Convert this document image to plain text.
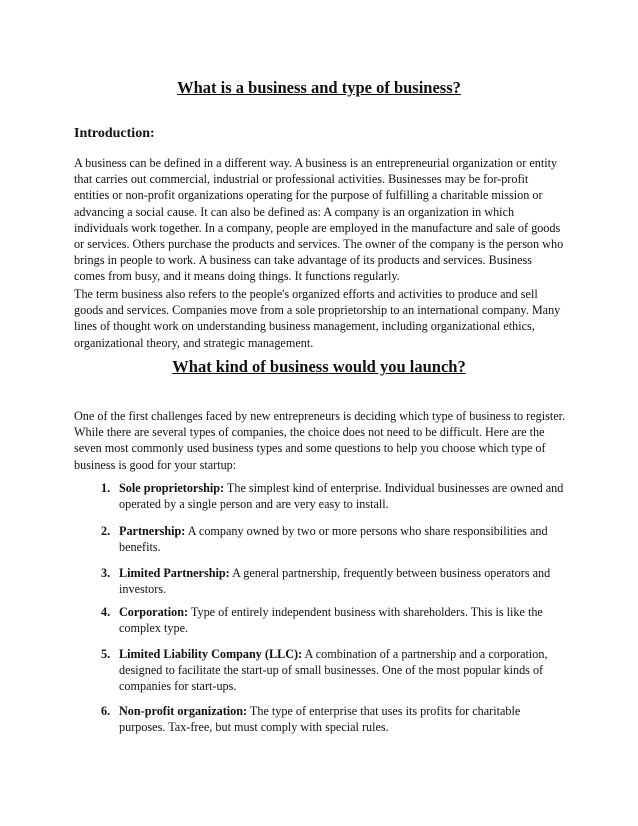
What is a business and type of business?
Introduction:

A business can be defined in a different way. A business is an entrepreneurial organization or entity that carries out commercial, industrial or professional activities. Businesses may be for-profit entities or non-profit organizations operating for the purpose of fulfilling a charitable mission or advancing a social cause. It can also be defined as: A company is an organization in which individuals work together. In a company, people are employed in the manufacture and sale of goods or services. Others purchase the products and services. The owner of the company is the person who brings in people to work. A business can take advantage of its products and services. Business comes from busy, and it means doing things. It functions regularly.

The term business also refers to the people's organized efforts and activities to produce and sell goods and services. Companies move from a sole proprietorship to an international company. Many lines of thought work on understanding business management, including organizational ethics, organizational theory, and strategic management.

What kind of business would you launch?

One of the first challenges faced by new entrepreneurs is deciding which type of business to register. While there are several types of companies, the choice does not need to be difficult. Here are the seven most commonly used business types and some questions to help you choose which type of business is good for your startup:

1. Sole proprietorship: The simplest kind of enterprise. Individual businesses are owned and operated by a single person and are very easy to install.
2. Partnership: A company owned by two or more persons who share responsibilities and benefits.
3. Limited Partnership: A general partnership, frequently between business operators and investors.
4. Corporation: Type of entirely independent business with shareholders. This is like the complex type.
5. Limited Liability Company (LLC): A combination of a partnership and a corporation, designed to facilitate the start-up of small businesses. One of the most popular kinds of companies for start-ups.
6. Non-profit organization: The type of enterprise that uses its profits for charitable purposes. Tax-free, but must comply with special rules.
